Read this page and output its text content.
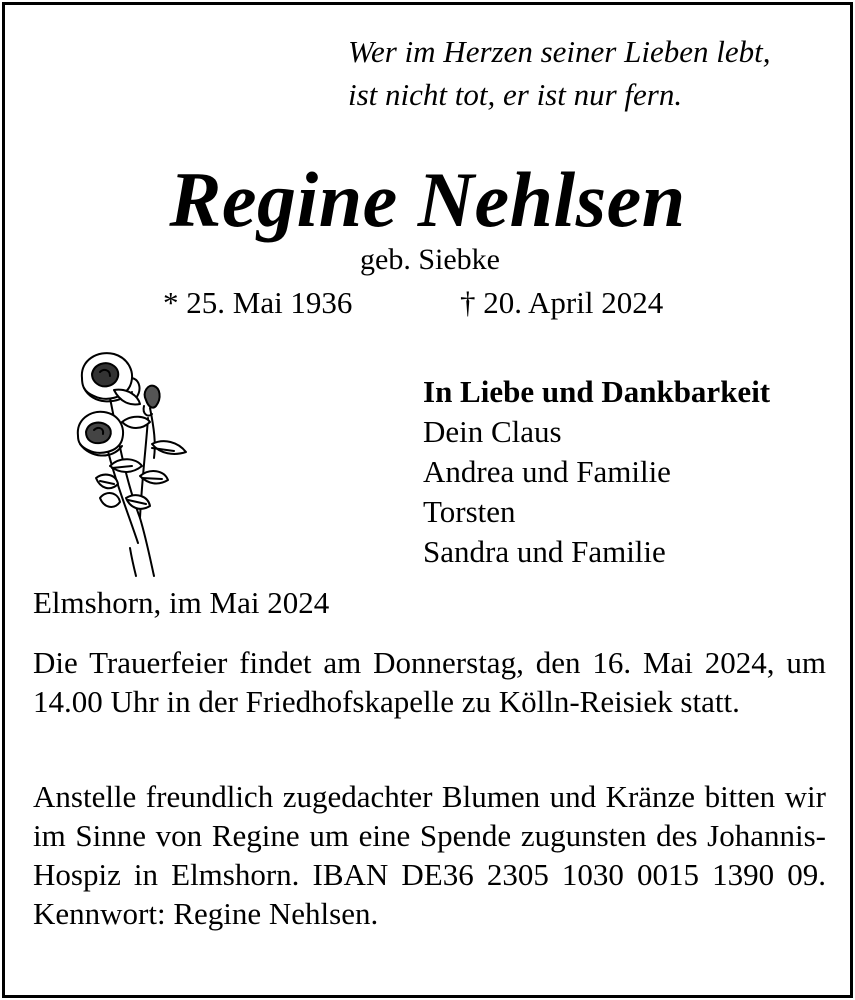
Wer im Herzen seiner Lieben lebt,
ist nicht tot, er ist nur fern.
Regine Nehlsen
geb. Siebke
* 25. Mai 1936	† 20. April 2024
In Liebe und Dankbarkeit
Dein Claus
Andrea und Familie
Torsten
Sandra und Familie
Elmshorn, im Mai 2024
Die Trauerfeier findet am Donnerstag, den 16. Mai 2024, um 14.00 Uhr in der Friedhofskapelle zu Kölln-Reisiek statt.
Anstelle freundlich zugedachter Blumen und Kränze bitten wir im Sinne von Regine um eine Spende zugunsten des Johannis-Hospiz in Elmshorn. IBAN DE36 2305 1030 0015 1390 09. Kennwort: Regine Nehlsen.
